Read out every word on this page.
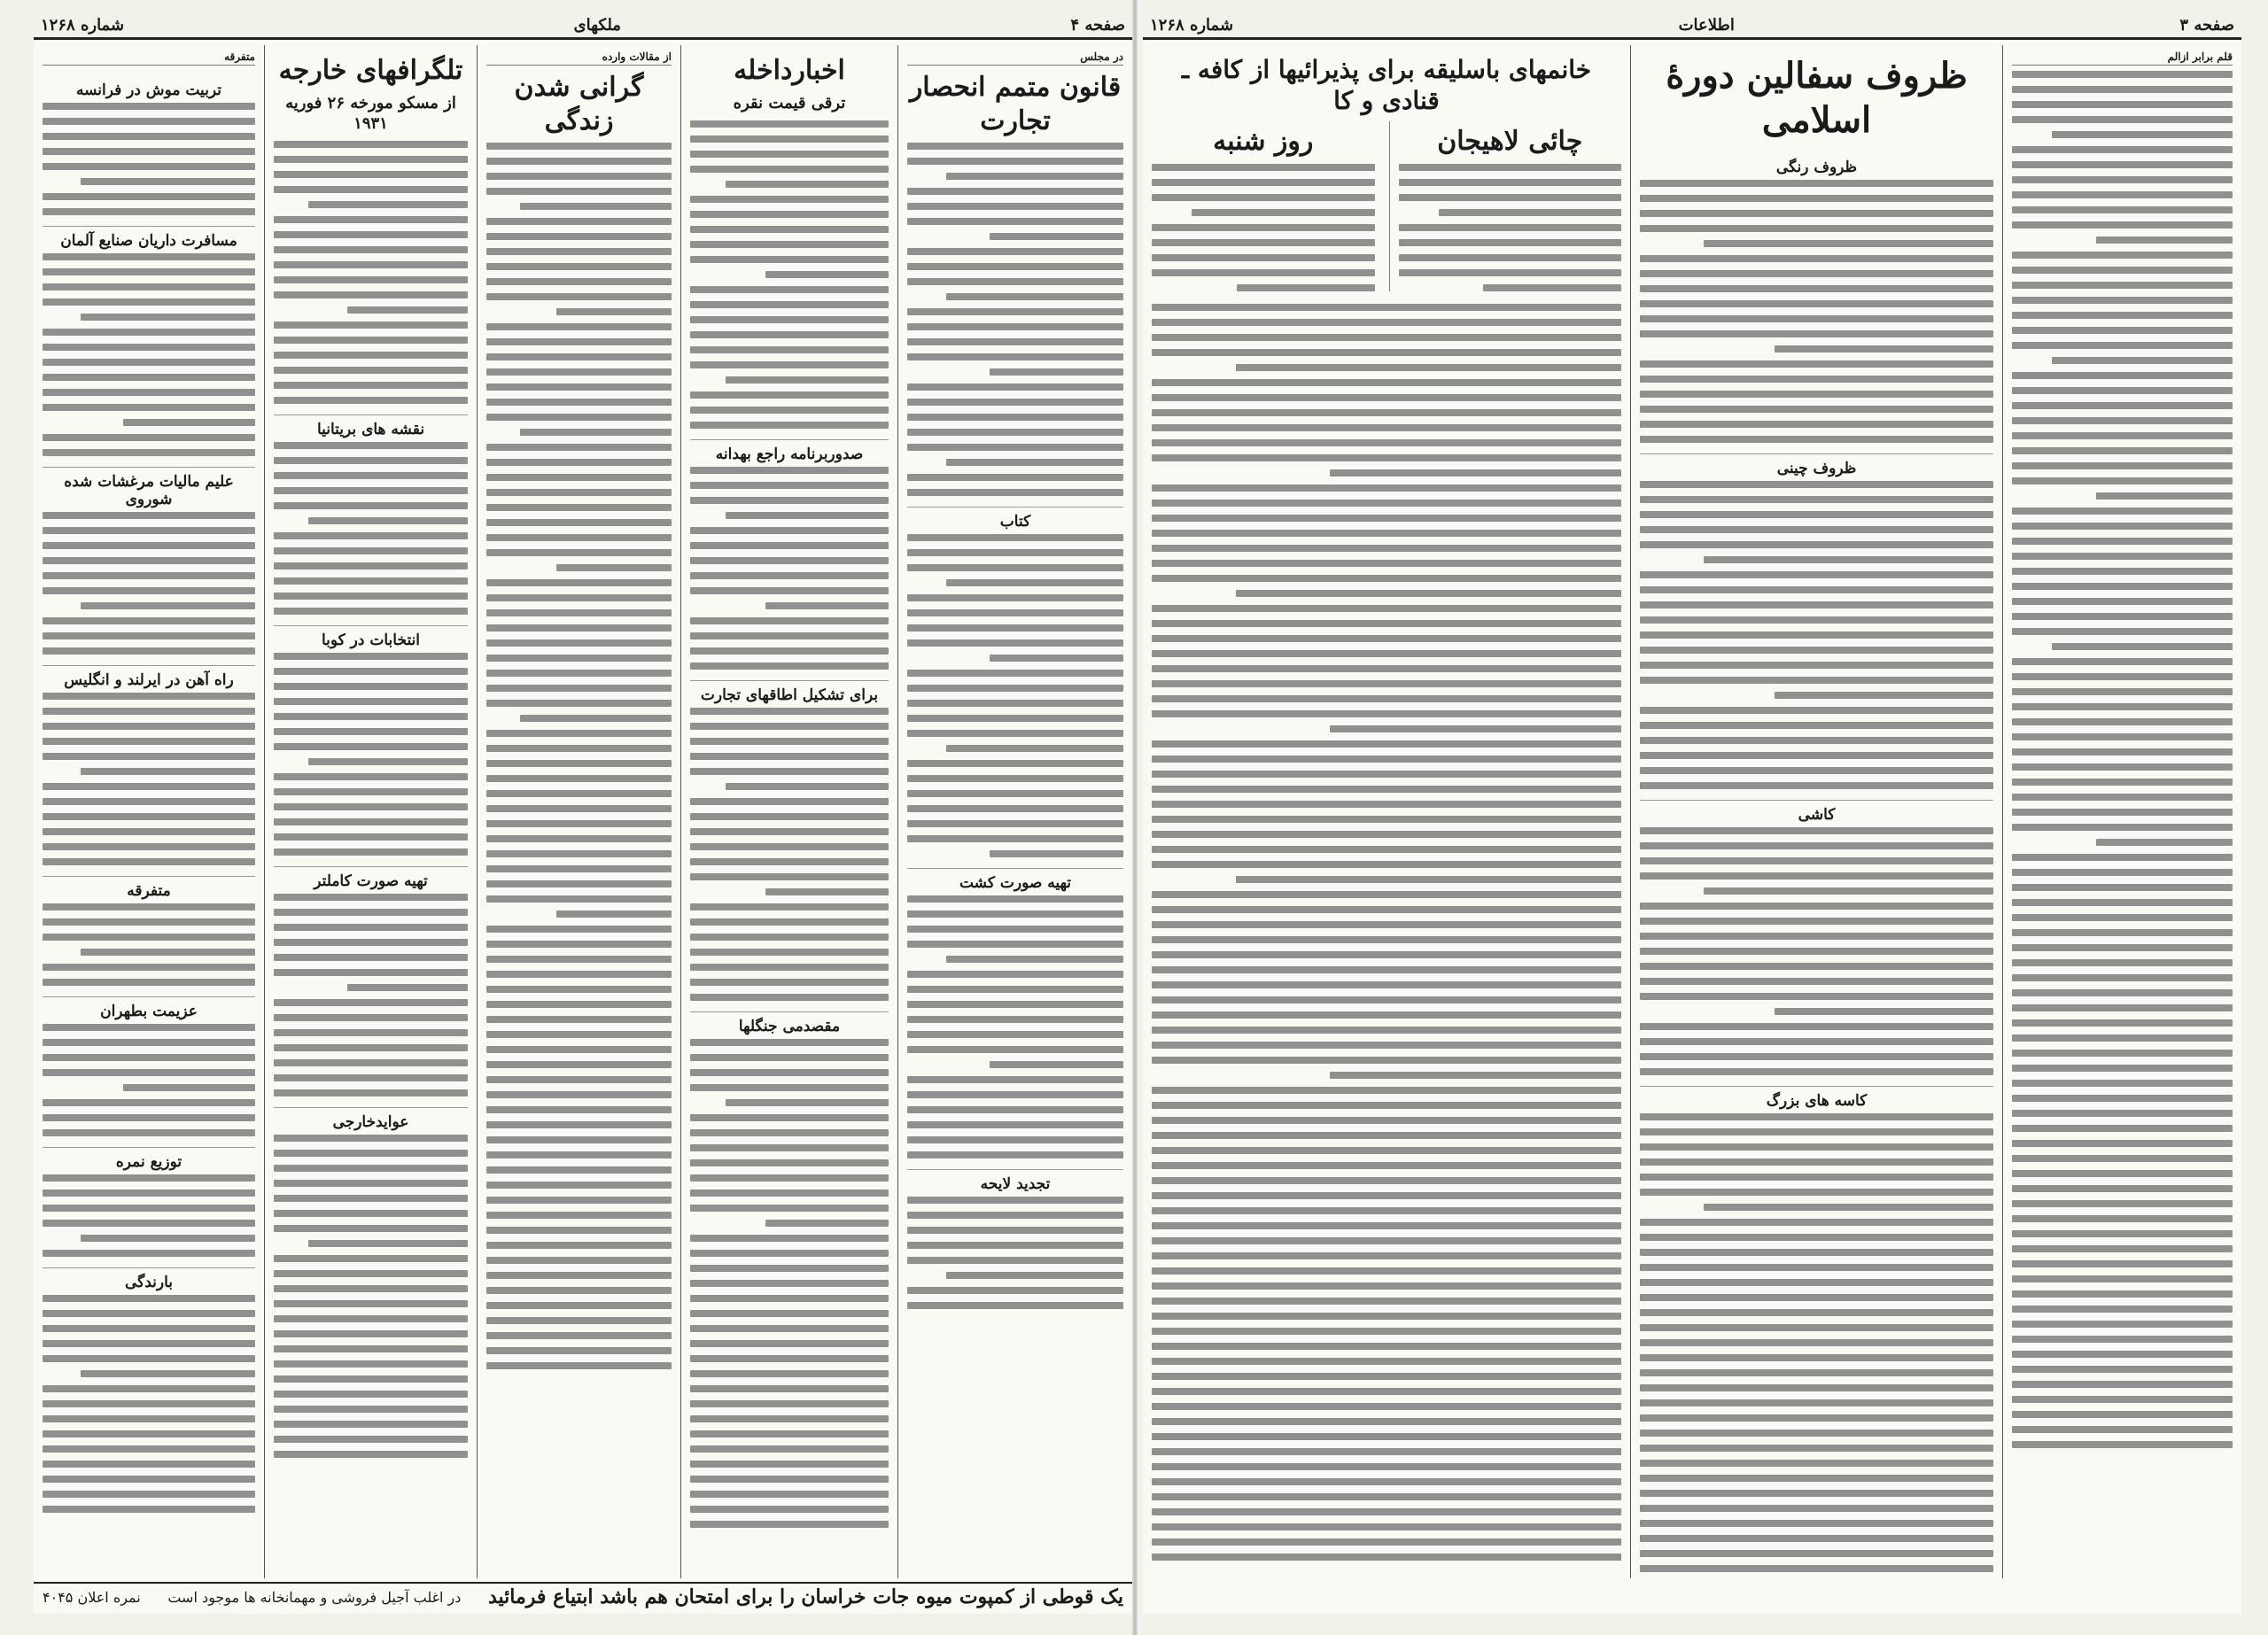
صفحه ۴
ملکهای
شماره ۱۲۶۸
در مجلس
قانون متمم انحصار تجارت
کتاب
تهیه صورت کشت
تجدید لایحه
اخبارداخله
ترقی قیمت نقره
صدوربرنامه راجع بهدانه
برای تشکیل اطاقهای تجارت
مقصدمی جنگلها
از مقالات وارده
گرانی شدن زندگی
تلگرافهای خارجه
از مسکو مورخه ۲۶ فوریه ۱۹۳۱
نقشه های بریتانیا
انتخابات در کوبا
تهیه صورت کاملتر
عوایدخارجی
متفرقه
تربیت موش در فرانسه
مسافرت داریان صنایع آلمان
علیم مالیات مرغشات شده شوروی
راه آهن در ایرلند و انگلیس
متفرقه
عزیمت بطهران
توزیع نمره
بارندگی
یک قوطی از کمپوت میوه جات خراسان را برای امتحان هم باشد ابتیاع فرمائید
در اغلب آجیل فروشی و مهمانخانه ها موجود است
نمره اعلان ۴۰۴۵
صفحه ۳
اطلاعات
شماره ۱۲۶۸
قلم برابر ازالم
ظروف سفالین دورهٔ اسلامی
ظروف رنگی
ظروف چینی
کاشی
کاسه های بزرگ
خانمهای باسلیقه برای پذیرائیها از کافه ـ قنادی و کا
چائی لاهیجان
روز شنبه
